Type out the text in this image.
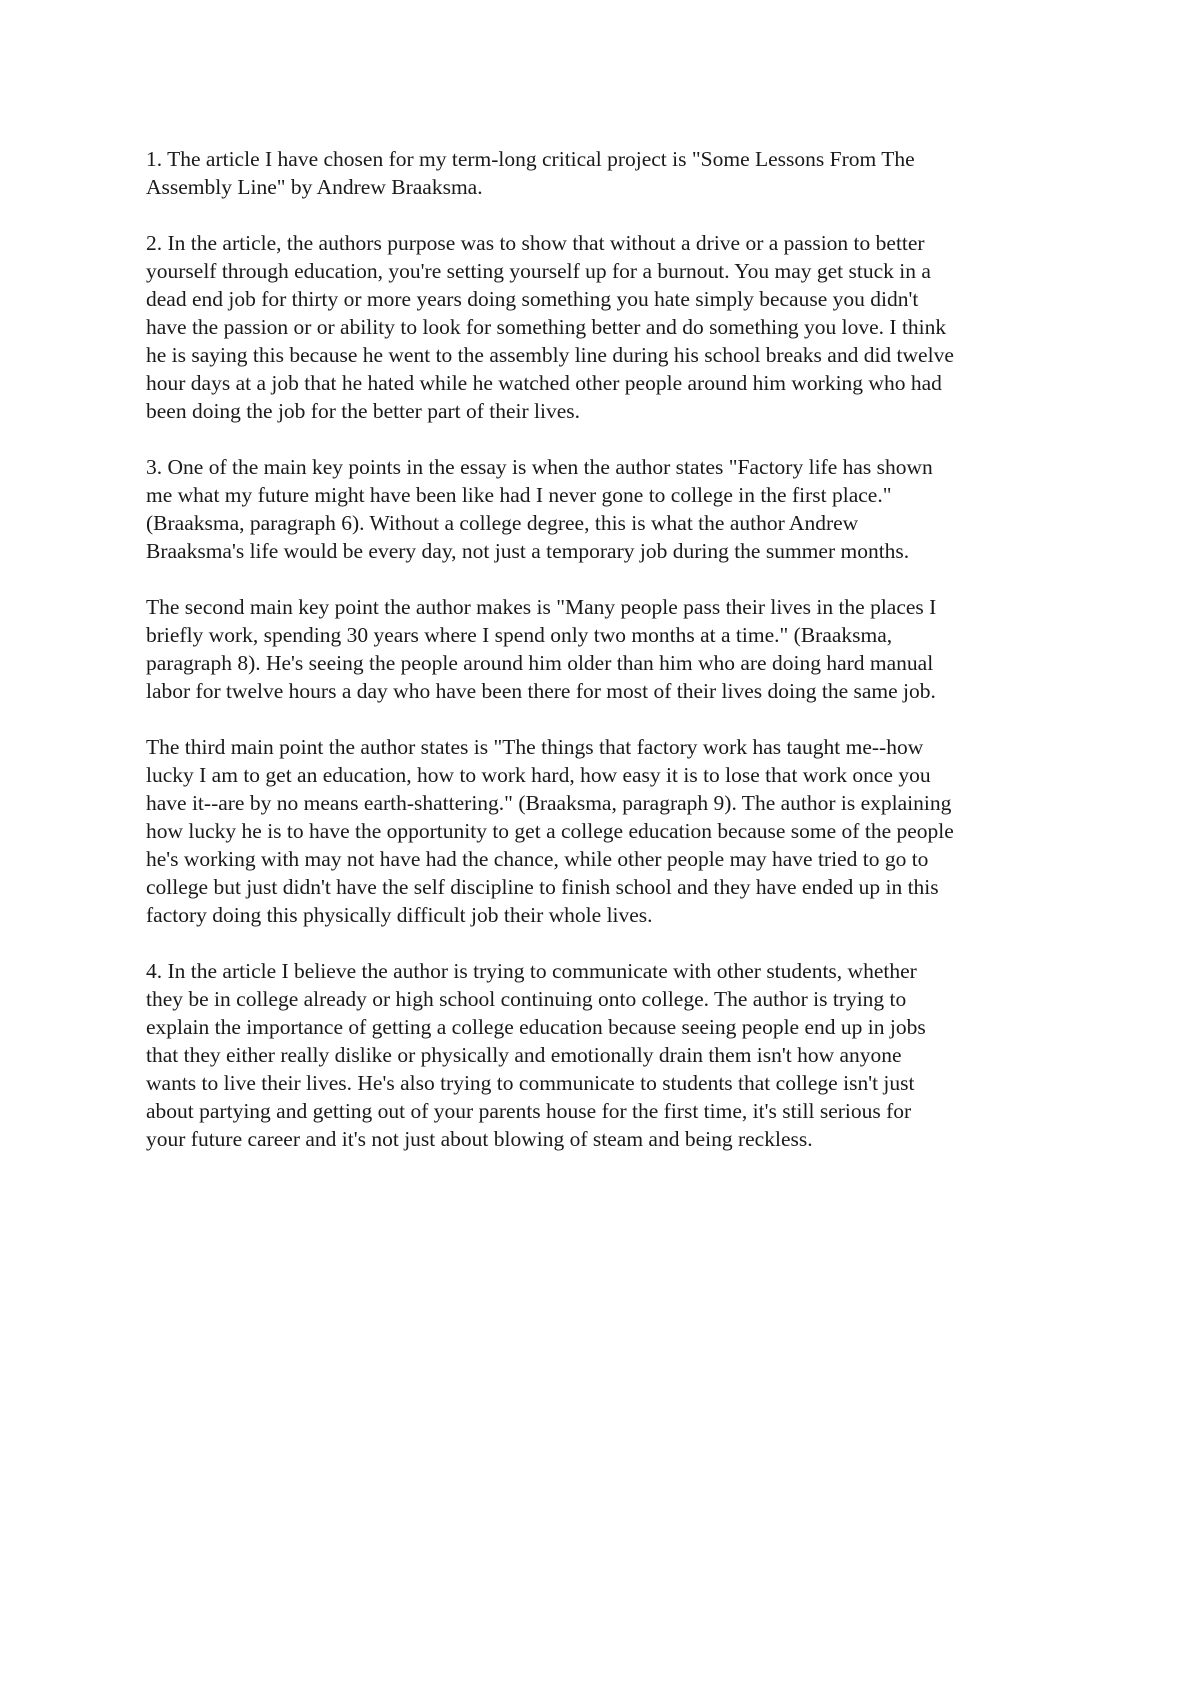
1. The article I have chosen for my term-long critical project is "Some Lessons From The
Assembly Line" by Andrew Braaksma.

2. In the article, the authors purpose was to show that without a drive or a passion to better
yourself through education, you're setting yourself up for a burnout. You may get stuck in a
dead end job for thirty or more years doing something you hate simply because you didn't
have the passion or or ability to look for something better and do something you love. I think
he is saying this because he went to the assembly line during his school breaks and did twelve
hour days at a job that he hated while he watched other people around him working who had
been doing the job for the better part of their lives.

3. One of the main key points in the essay is when the author states "Factory life has shown
me what my future might have been like had I never gone to college in the first place."
(Braaksma, paragraph 6). Without a college degree, this is what the author Andrew
Braaksma's life would be every day, not just a temporary job during the summer months.

The second main key point the author makes is "Many people pass their lives in the places I
briefly work, spending 30 years where I spend only two months at a time." (Braaksma,
paragraph 8). He's seeing the people around him older than him who are doing hard manual
labor for twelve hours a day who have been there for most of their lives doing the same job.

The third main point the author states is "The things that factory work has taught me--how
lucky I am to get an education, how to work hard, how easy it is to lose that work once you
have it--are by no means earth-shattering." (Braaksma, paragraph 9). The author is explaining
how lucky he is to have the opportunity to get a college education because some of the people
he's working with may not have had the chance, while other people may have tried to go to
college but just didn't have the self discipline to finish school and they have ended up in this
factory doing this physically difficult job their whole lives.

4. In the article I believe the author is trying to communicate with other students, whether
they be in college already or high school continuing onto college. The author is trying to
explain the importance of getting a college education because seeing people end up in jobs
that they either really dislike or physically and emotionally drain them isn't how anyone
wants to live their lives. He's also trying to communicate to students that college isn't just
about partying and getting out of your parents house for the first time, it's still serious for
your future career and it's not just about blowing of steam and being reckless.
